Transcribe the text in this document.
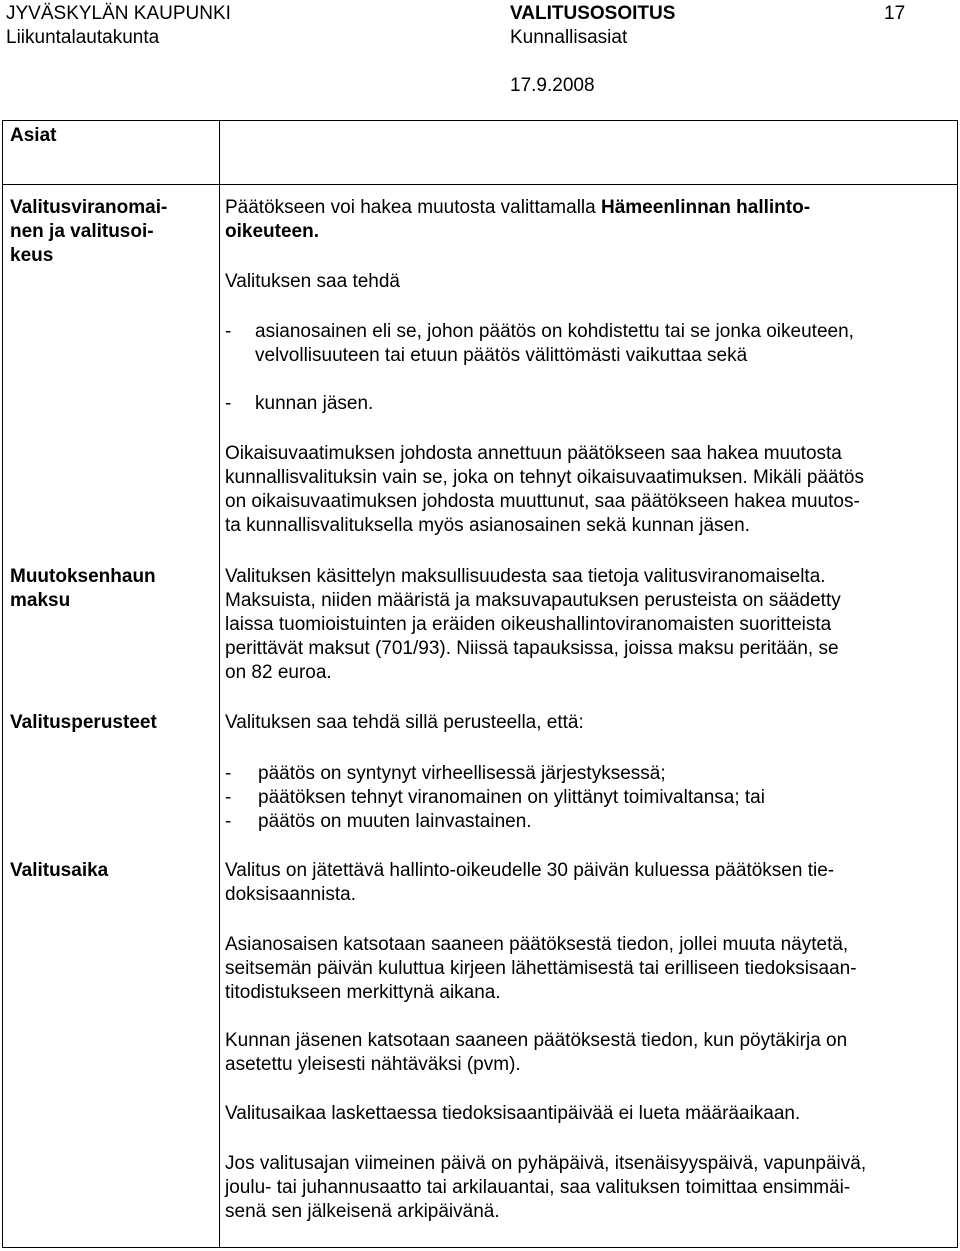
JYVÄSKYLÄN KAUPUNKI
Liikuntalautakunta
VALITUSOSOITUS
Kunnallisasiat
17
17.9.2008
Asiat
Valitusviranomai-
nen ja valitusoi-
keus
Päätökseen voi hakea muutosta valittamalla Hämeenlinnan hallinto-
oikeuteen.
Valituksen saa tehdä
- asianosainen eli se, johon päätös on kohdistettu tai se jonka oikeuteen,
velvollisuuteen tai etuun päätös välittömästi vaikuttaa sekä
- kunnan jäsen.
Oikaisuvaatimuksen johdosta annettuun päätökseen saa hakea muutosta
kunnallisvalituksin vain se, joka on tehnyt oikaisuvaatimuksen. Mikäli päätös
on oikaisuvaatimuksen johdosta muuttunut, saa päätökseen hakea muutos-
ta kunnallisvalituksella myös asianosainen sekä kunnan jäsen.
Muutoksenhaun
maksu
Valituksen käsittelyn maksullisuudesta saa tietoja valitusviranomaiselta.
Maksuista, niiden määristä ja maksuvapautuksen perusteista on säädetty
laissa tuomioistuinten ja eräiden oikeushallintoviranomaisten suoritteista
perittävät maksut (701/93). Niissä tapauksissa, joissa maksu peritään, se
on 82 euroa.
Valitusperusteet	Valituksen saa tehdä sillä perusteella, että:
- päätös on syntynyt virheellisessä järjestyksessä;
- päätöksen tehnyt viranomainen on ylittänyt toimivaltansa; tai
- päätös on muuten lainvastainen.
Valitusaika	Valitus on jätettävä hallinto-oikeudelle 30 päivän kuluessa päätöksen tie-
doksisaannista.
Asianosaisen katsotaan saaneen päätöksestä tiedon, jollei muuta näytetä,
seitsemän päivän kuluttua kirjeen lähettämisestä tai erilliseen tiedoksisaan-
titodistukseen merkittynä aikana.
Kunnan jäsenen katsotaan saaneen päätöksestä tiedon, kun pöytäkirja on
asetettu yleisesti nähtäväksi (pvm).
Valitusaikaa laskettaessa tiedoksisaantipäivää ei lueta määräaikaan.
Jos valitusajan viimeinen päivä on pyhäpäivä, itsenäisyyspäivä, vapunpäivä,
joulu- tai juhannusaatto tai arkilauantai, saa valituksen toimittaa ensimmäi-
senä sen jälkeisenä arkipäivänä.
